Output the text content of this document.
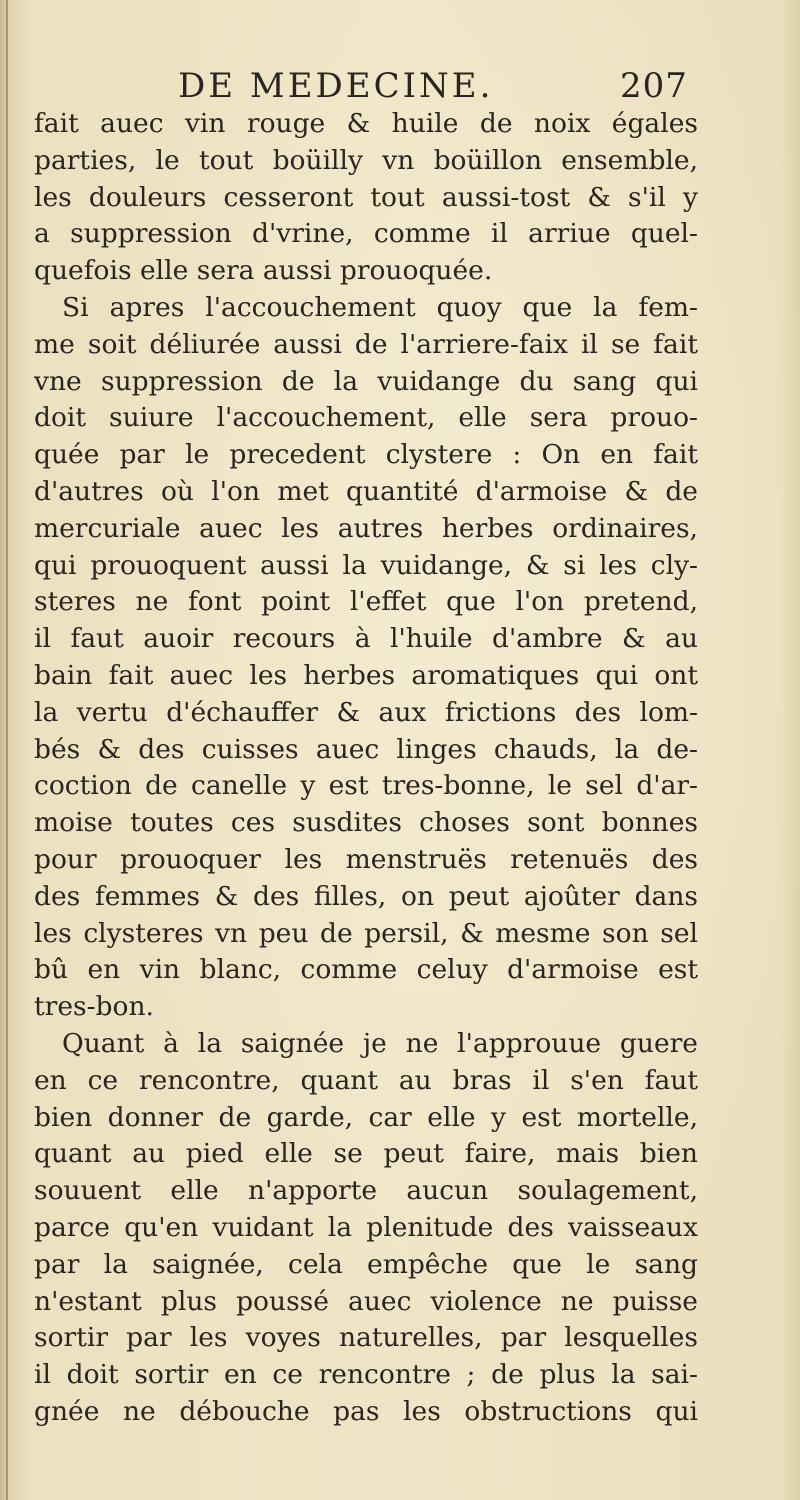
DE MEDECINE.	207
fait auec vin rouge & huile de noix égales
parties, le tout boüilly vn boüillon ensemble,
les douleurs cesseront tout aussi-tost & s'il y
a suppression d'vrine, comme il arriue quel-
quefois elle sera aussi prouoquée.
Si apres l'accouchement quoy que la fem-
me soit déliurée aussi de l'arriere-faix il se fait
vne suppression de la vuidange du sang qui
doit suiure l'accouchement, elle sera prouo-
quée par le precedent clystere : On en fait
d'autres où l'on met quantité d'armoise & de
mercuriale auec les autres herbes ordinaires,
qui prouoquent aussi la vuidange, & si les cly-
steres ne font point l'effet que l'on pretend,
il faut auoir recours à l'huile d'ambre & au
bain fait auec les herbes aromatiques qui ont
la vertu d'échauffer & aux frictions des lom-
bés & des cuisses auec linges chauds, la de-
coction de canelle y est tres-bonne, le sel d'ar-
moise toutes ces susdites choses sont bonnes
pour prouoquer les menstruës retenuës des
des femmes & des filles, on peut ajoûter dans
les clysteres vn peu de persil, & mesme son sel
bû en vin blanc, comme celuy d'armoise est
tres-bon.
Quant à la saignée je ne l'approuue guere
en ce rencontre, quant au bras il s'en faut
bien donner de garde, car elle y est mortelle,
quant au pied elle se peut faire, mais bien
souuent elle n'apporte aucun soulagement,
parce qu'en vuidant la plenitude des vaisseaux
par la saignée, cela empêche que le sang
n'estant plus poussé auec violence ne puisse
sortir par les voyes naturelles, par lesquelles
il doit sortir en ce rencontre ; de plus la sai-
gnée ne débouche pas les obstructions qui
